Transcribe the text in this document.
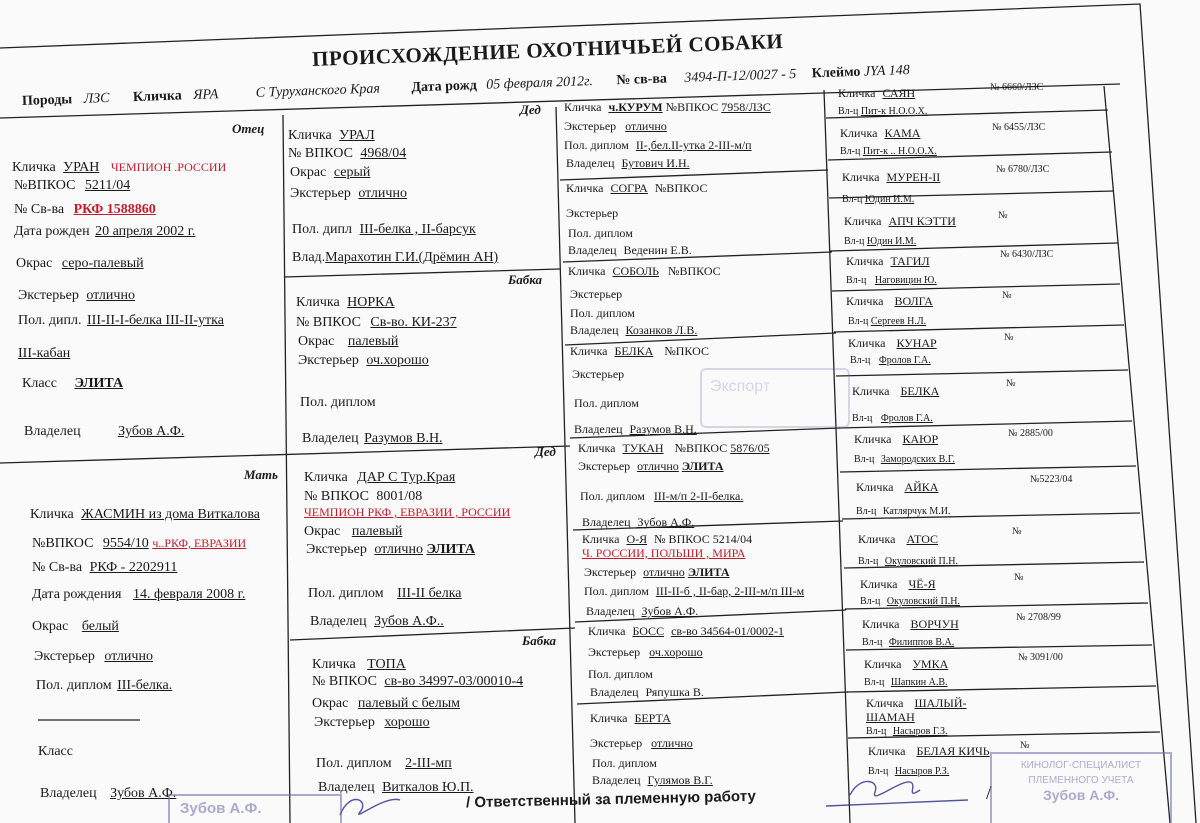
Экспорт
ПРОИСХОЖДЕНИЕ ОХОТНИЧЬЕЙ СОБАКИ
Породы ЛЗС Кличка ЯРА	С Туруханского Края Дата рожд 05 февраля 2012г. № св-ва 3494-П-12/0027 - 5 Клеймо JYA 148
Отец
Кличка УРАН ЧЕМПИОН .РОССИИ
№ВПКОС 5211/04
№ Св-ва РКФ 1588860
Дата рожден 20 апреля 2002 г.
Окрас серо-палевый
Экстерьер отлично
Пол. дипл. III-II-I-белка III-II-утка
III-кабан
Класс ЭЛИТА
Владелец	Зубов А.Ф.
Мать
Кличка ЖАСМИН из дома Виткалова
№ВПКОС 9554/10 ч..РКФ, ЕВРАЗИИ
№ Св-ва РКФ - 2202911
Дата рождения 14. февраля 2008 г.
Окрас белый
Экстерьер отлично
Пол. диплом III-белка.
Класс
Владелец Зубов А.Ф.
Дед
Кличка УРАЛ
№ ВПКОС 4968/04
Окрас серый
Экстерьер отлично
Пол. дипл III-белка , II-барсук
Влад.Марахотин Г.И.(Дрёмин АН)
Бабка
Кличка НОРКА
№ ВПКОС Св-во. КИ-237
Окрас палевый
Экстерьер оч.хорошо
Пол. диплом
Владелец Разумов В.Н.
Дед
Кличка ДАР С Тур.Края
№ ВПКОС 8001/08
ЧЕМПИОН РКФ , ЕВРАЗИИ , РОССИИ
Окрас палевый
Экстерьер отлично ЭЛИТА
Пол. диплом III-II белка
Владелец Зубов А.Ф..
Бабка
Кличка ТОПА
№ ВПКОС св-во 34997-03/00010-4
Окрас палевый с белым
Экстерьер хорошо
Пол. диплом 2-III-мп
Владелец Виткалов Ю.П.
Кличка ч.КУРУМ №ВПКОС 7958/ЛЗС
Экстерьер отлично
Пол. диплом II-,бел.II-утка 2-III-м/п
Владелец Бутович И.Н.
Кличка СОГРА №ВПКОС
Экстерьер
Пол. диплом
Владелец Веденин Е.В.
Кличка СОБОЛЬ №ВПКОС
Экстерьер
Пол. диплом
Владелец Козанков Л.В.
Кличка БЕЛКА №ПКОС
Экстерьер
Пол. диплом
Владелец Разумов В.Н.
Кличка ТУКАН №ВПКОС 5876/05
Экстерьер отлично ЭЛИТА
Пол. диплом III-м/п 2-II-белка.
Владелец Зубов А.Ф.
Кличка О-Я № ВПКОС 5214/04
Ч. РОССИИ, ПОЛЬШИ , МИРА
Экстерьер отлично ЭЛИТА
Пол. диплом III-II-б , II-бар, 2-III-м/п III-м
Владелец Зубов А.Ф.
Кличка БОСС св-во 34564-01/0002-1
Экстерьер оч.хорошо
Пол. диплом
Владелец Ряпушка В.
Кличка БЕРТА
Экстерьер отлично
Пол. диплом
Владелец Гулямов В.Г.
Кличка САЯН	№ 6660/ЛЗС
Вл-ц Пит-к Н.О.О.Х.
Кличка КАМА	№ 6455/ЛЗС
Вл-ц Пит-к .. Н.О.О.Х.
Кличка МУРЕН-II
№ 6780/ЛЗС
Вл-ц Юдин И.М.
Кличка АПЧ КЭТТИ	№
Вл-ц Юдин И.М.
Кличка ТАГИЛ	№ 6430/ЛЗС
Вл-ц Наговицин Ю.
Кличка ВОЛГА	№
Вл-ц Сергеев Н.Л.
Кличка КУНАР	№
Вл-ц Фролов Г.А.
Кличка БЕЛКА
№
Вл-ц Фролов Г.А.
Кличка КАЮР	№ 2885/00
Вл-ц Замородских В.Г.
Кличка АЙКА
№5223/04
Вл-ц Катлярчук М.И.
Кличка АТОС
№
Вл-ц Окуловский П.Н.
Кличка ЧЁ-Я	№
Вл-ц Окуловский П.Н.
Кличка ВОРЧУН	№ 2708/99
Вл-ц Филиппов В.А.
Кличка УМКА	№ 3091/00
Вл-ц Шапкин А.В.
Кличка ШАЛЫЙ-
ШАМАН
Вл-ц Насыров Г.З.
Кличка БЕЛАЯ КИЧЬ	№
Вл-ц Насыров Р.З.
/ Ответственный за племенную работу	/
Зубов А.Ф.
КИНОЛОГ-СПЕЦИАЛИСТ
ПЛЕМЕННОГО УЧЕТА
Зубов А.Ф.
